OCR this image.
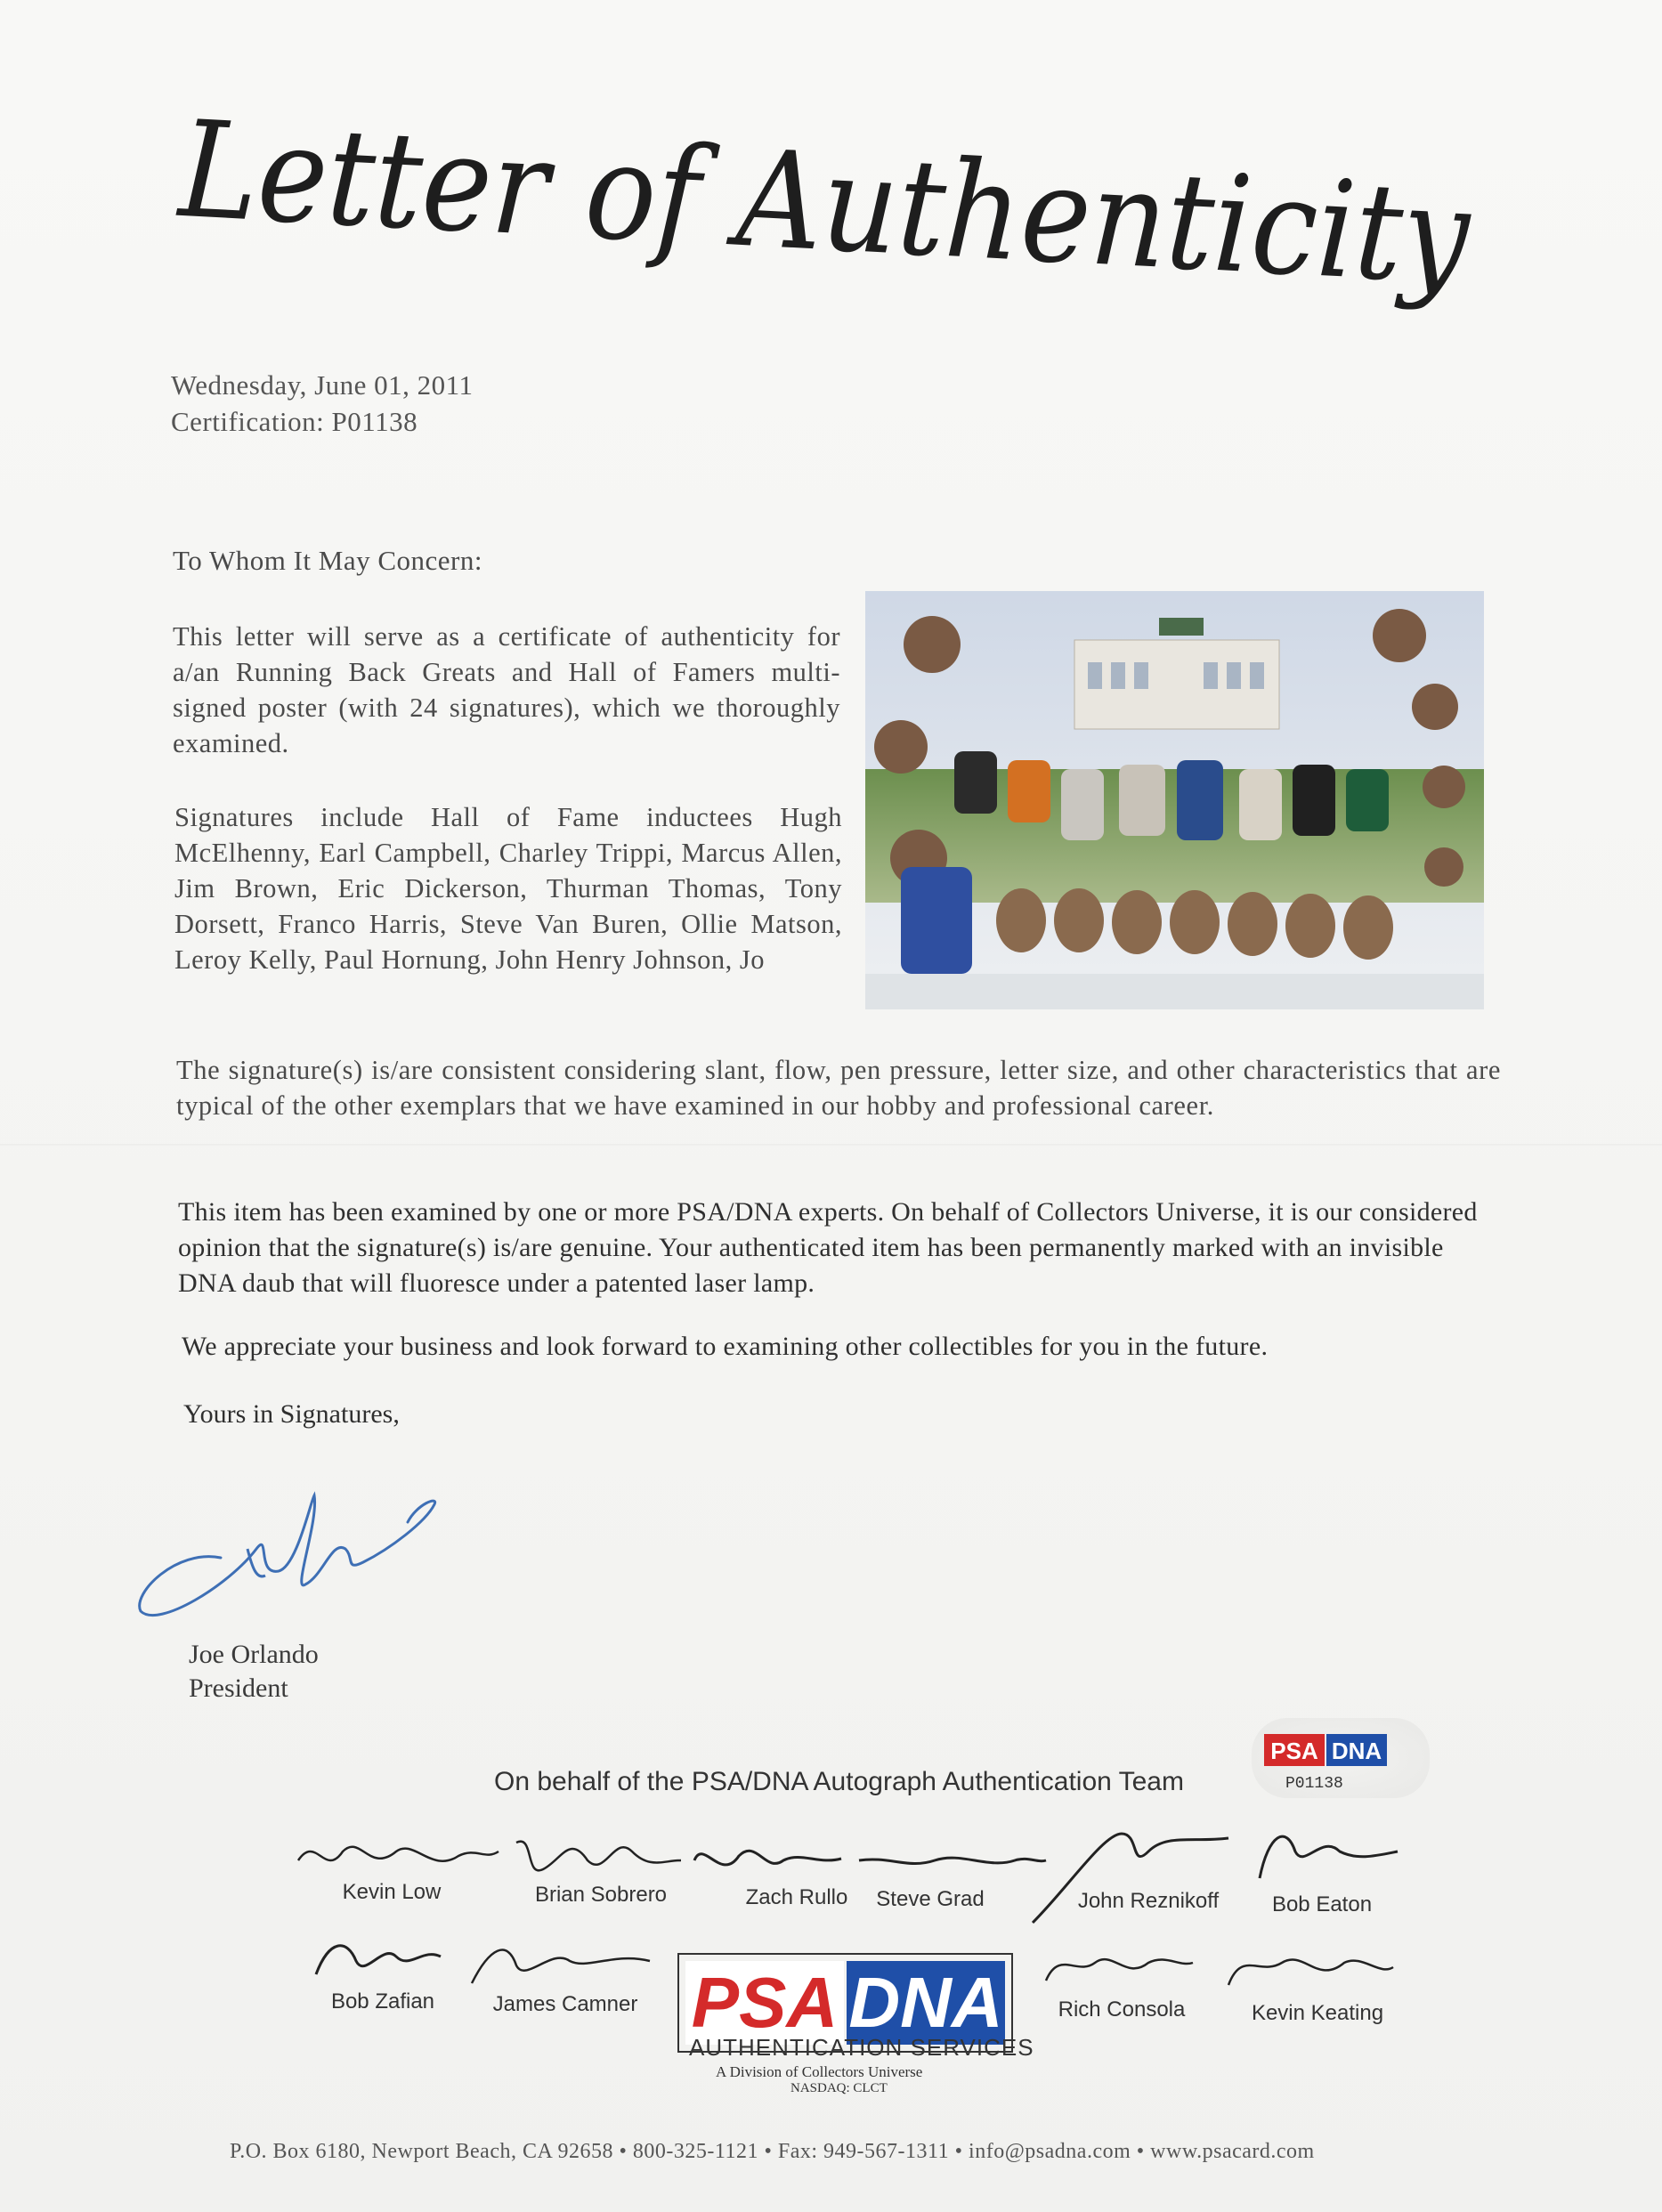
Letter of Authenticity
Wednesday, June 01, 2011
Certification: P01138
To Whom It May Concern:
This letter will serve as a certificate of authenticity for a/an Running Back Greats and Hall of Famers multi-signed poster (with 24 signatures), which we thoroughly examined.
Signatures include Hall of Fame inductees Hugh McElhenny, Earl Campbell, Charley Trippi, Marcus Allen, Jim Brown, Eric Dickerson, Thurman Thomas, Tony Dorsett, Franco Harris, Steve Van Buren, Ollie Matson, Leroy Kelly, Paul Hornung, John Henry Johnson, Jo
The signature(s) is/are consistent considering slant, flow, pen pressure, letter size, and other characteristics that are typical of the other exemplars that we have examined in our hobby and professional career.
This item has been examined by one or more PSA/DNA experts. On behalf of Collectors Universe, it is our considered opinion that the signature(s) is/are genuine. Your authenticated item has been permanently marked with an invisible DNA daub that will fluoresce under a patented laser lamp.
We appreciate your business and look forward to examining other collectibles for you in the future.
Yours in Signatures,
Joe Orlando
President
On behalf of the PSA/DNA Autograph Authentication Team
PSA DNA
P01138
Kevin Low	Brian Sobrero	Zach Rullo	Steve Grad	John Reznikoff	Bob Eaton
Bob Zafian	James Camner	Rich Consola	Kevin Keating
PSA DNA
AUTHENTICATION SERVICES
A Division of Collectors Universe
NASDAQ: CLCT
P.O. Box 6180, Newport Beach, CA 92658 • 800-325-1121 • Fax: 949-567-1311 • info@psadna.com • www.psacard.com
